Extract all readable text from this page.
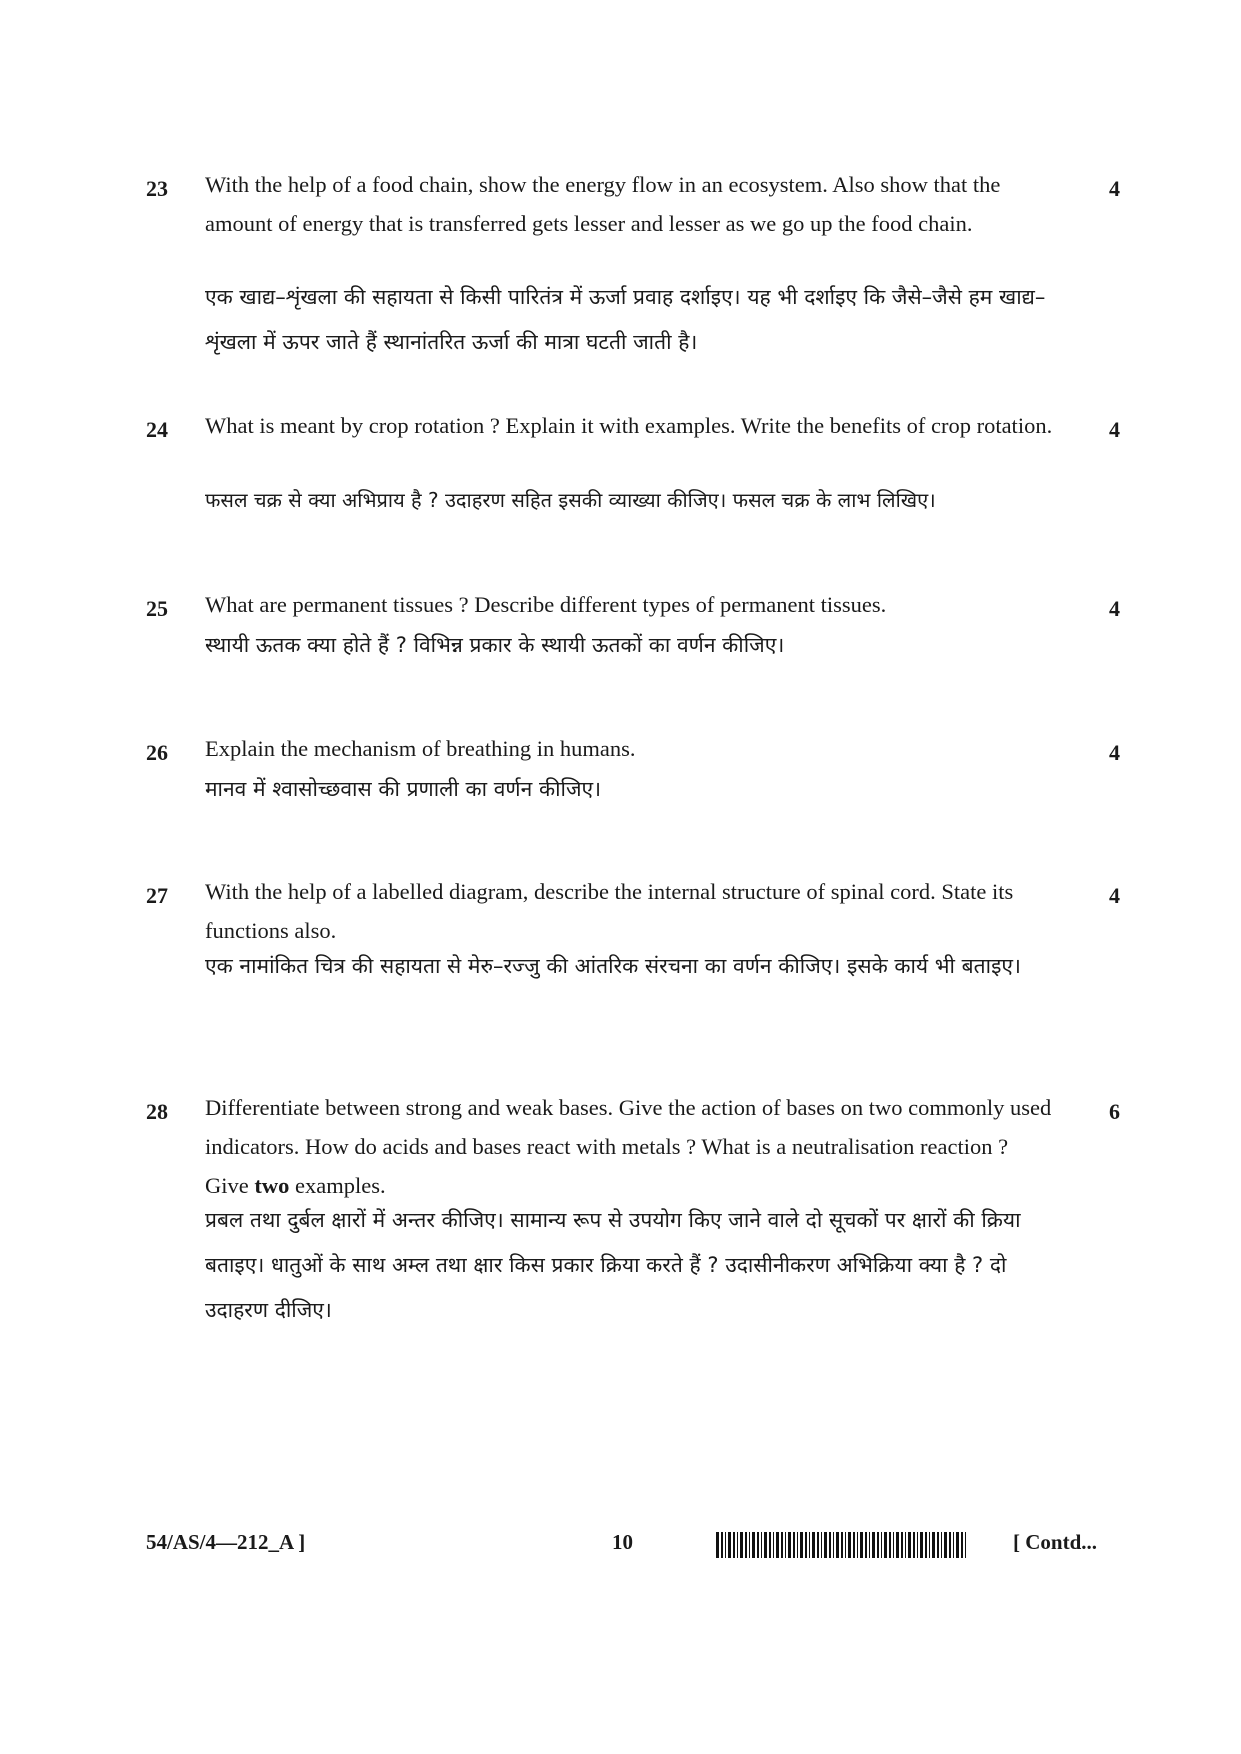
23 With the help of a food chain, show the energy flow in an ecosystem. Also show that the amount of energy that is transferred gets lesser and lesser as we go up the food chain.
4
एक खाद्य–शृंखला की सहायता से किसी पारितंत्र में ऊर्जा प्रवाह दर्शाइए। यह भी दर्शाइए कि जैसे–जैसे हम खाद्य–शृंखला में ऊपर जाते हैं स्थानांतरित ऊर्जा की मात्रा घटती जाती है।
24 What is meant by crop rotation ? Explain it with examples. Write the benefits of crop rotation.	4
फसल चक्र से क्या अभिप्राय है ? उदाहरण सहित इसकी व्याख्या कीजिए। फसल चक्र के लाभ लिखिए।
25 What are permanent tissues ? Describe different types of permanent tissues.	4
स्थायी ऊतक क्या होते हैं ? विभिन्न प्रकार के स्थायी ऊतकों का वर्णन कीजिए।
26 Explain the mechanism of breathing in humans.	4
मानव में श्वासोच्छवास की प्रणाली का वर्णन कीजिए।
27 With the help of a labelled diagram, describe the internal structure of spinal cord. State its functions also.
4
एक नामांकित चित्र की सहायता से मेरु–रज्जु की आंतरिक संरचना का वर्णन कीजिए। इसके कार्य भी बताइए।
28 Differentiate between strong and weak bases. Give the action of bases on two commonly used indicators. How do acids and bases react with metals ? What is a neutralisation reaction ? Give two examples.
6
प्रबल तथा दुर्बल क्षारों में अन्तर कीजिए। सामान्य रूप से उपयोग किए जाने वाले दो सूचकों पर क्षारों की क्रिया बताइए। धातुओं के साथ अम्ल तथा क्षार किस प्रकार क्रिया करते हैं ? उदासीनीकरण अभिक्रिया क्या है ? दो उदाहरण दीजिए।
54/AS/4—212_A ]	10	[ Contd...
